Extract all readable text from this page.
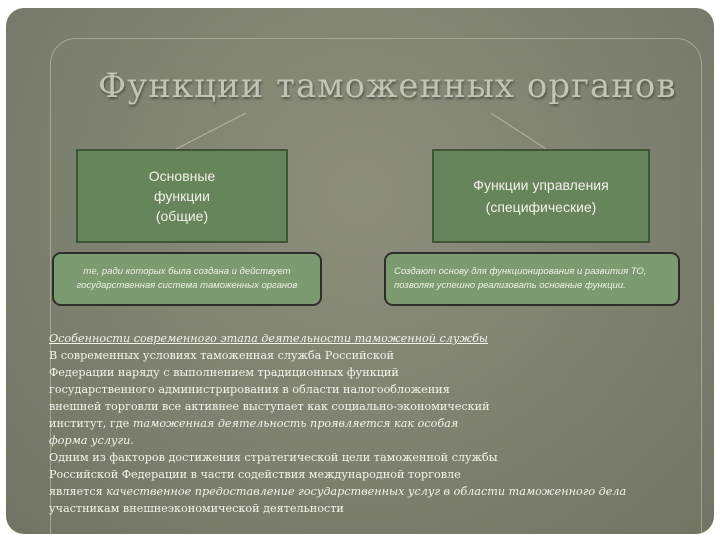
Функции таможенных органов
Основные
функции
(общие)
Функции управления
(специфические)
те, ради которых была создана и действует государственная система таможенных органов
Создают основу для функционирования и развития ТО, позволяя успешно реализовать основные функции.

Особенности современного этапа деятельности таможенной службы

В современных условиях таможенная служба Российской

Федерации наряду с выполнением традиционных функций

государственного администрирования в области налогообложения

внешней торговли все активнее выступает как социально-экономический

институт, где таможенная деятельность проявляется как особая

форма услуги.

Одним из факторов достижения стратегической цели таможенной службы

Российской Федерации в части содействия международной торговле

является качественное предоставление государственных услуг в области таможенного дела

участникам внешнеэкономической деятельности
